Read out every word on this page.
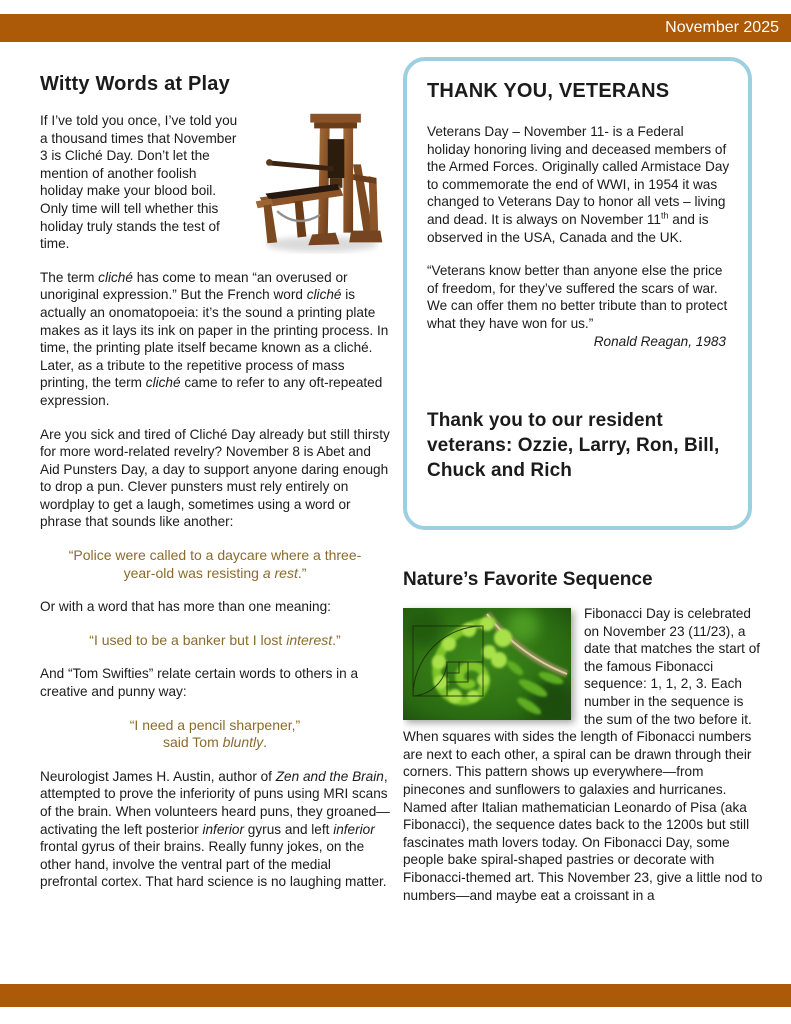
November 2025
Witty Words at Play

If I’ve told you once, I’ve told you a thousand times that November 3 is Cliché Day. Don’t let the mention of another foolish holiday make your blood boil. Only time will tell whether this holiday truly stands the test of time.

The term cliché has come to mean “an overused or unoriginal expression.” But the French word cliché is actually an onomatopoeia: it’s the sound a printing plate makes as it lays its ink on paper in the printing process. In time, the printing plate itself became known as a cliché. Later, as a tribute to the repetitive process of mass printing, the term cliché came to refer to any oft-repeated expression.

Are you sick and tired of Cliché Day already but still thirsty for more word-related revelry? November 8 is Abet and Aid Punsters Day, a day to support anyone daring enough to drop a pun. Clever punsters must rely entirely on wordplay to get a laugh, sometimes using a word or phrase that sounds like another:

“Police were called to a daycare where a three-year-old was resisting a rest.”

Or with a word that has more than one meaning:

“I used to be a banker but I lost interest.”

And “Tom Swifties” relate certain words to others in a creative and punny way:

“I need a pencil sharpener,”
said Tom bluntly.

Neurologist James H. Austin, author of Zen and the Brain, attempted to prove the inferiority of puns using MRI scans of the brain. When volunteers heard puns, they groaned—activating the left posterior inferior gyrus and left inferior frontal gyrus of their brains. Really funny jokes, on the other hand, involve the ventral part of the medial prefrontal cortex. That hard science is no laughing matter.

THANK YOU, VETERANS

Veterans Day – November 11- is a Federal holiday honoring living and deceased members of the Armed Forces. Originally called Armistace Day to commemorate the end of WWI, in 1954 it was changed to Veterans Day to honor all vets – living and dead. It is always on November 11th and is observed in the USA, Canada and the UK.

“Veterans know better than anyone else the price of freedom, for they’ve suffered the scars of war. We can offer them no better tribute than to protect what they have won for us.”

Ronald Reagan, 1983
Thank you to our resident veterans: Ozzie, Larry, Ron, Bill, Chuck and Rich
Nature’s Favorite Sequence
Fibonacci Day is celebrated on November 23 (11/23), a date that matches the start of the famous Fibonacci sequence: 1, 1, 2, 3. Each number in the sequence is the sum of the two before it. When squares with sides the length of Fibonacci numbers are next to each other, a spiral can be drawn through their corners. This pattern shows up everywhere—from pinecones and sunflowers to galaxies and hurricanes. Named after Italian mathematician Leonardo of Pisa (aka Fibonacci), the sequence dates back to the 1200s but still fascinates math lovers today. On Fibonacci Day, some people bake spiral-shaped pastries or decorate with Fibonacci-themed art. This November 23, give a little nod to numbers—and maybe eat a croissant in a
